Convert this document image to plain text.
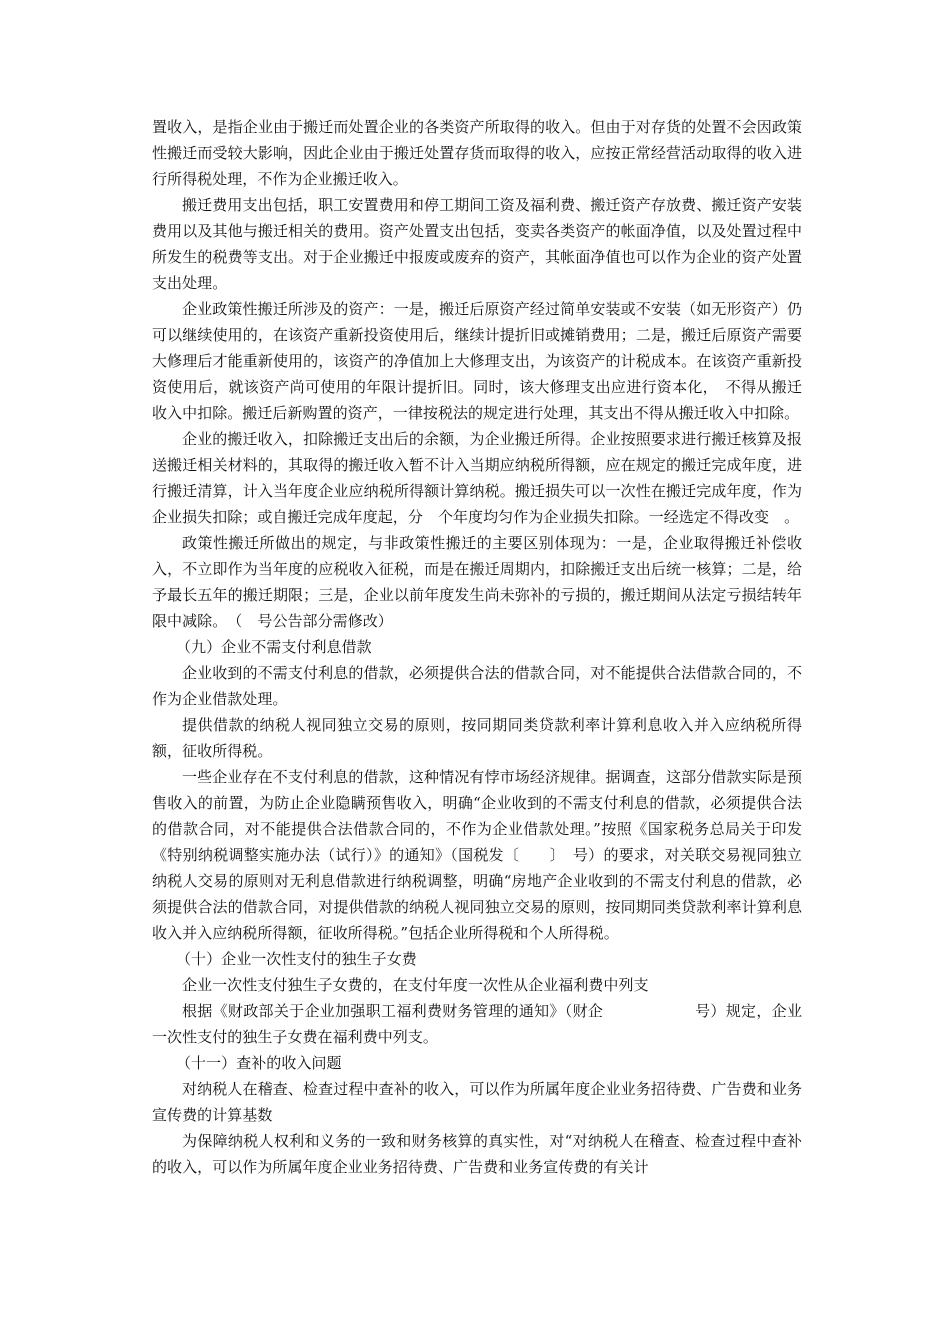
置收入，是指企业由于搬迁而处置企业的各类资产所取得的收入。但由于对存货的处置不会因政策性搬迁而受较大影响，因此企业由于搬迁处置存货而取得的收入，应按正常经营活动取得的收入进行所得税处理，不作为企业搬迁收入。

搬迁费用支出包括，职工安置费用和停工期间工资及福利费、搬迁资产存放费、搬迁资产安装费用以及其他与搬迁相关的费用。资产处置支出包括，变卖各类资产的帐面净值，以及处置过程中所发生的税费等支出。对于企业搬迁中报废或废弃的资产，其帐面净值也可以作为企业的资产处置支出处理。

企业政策性搬迁所涉及的资产：一是，搬迁后原资产经过简单安装或不安装（如无形资产）仍可以继续使用的，在该资产重新投资使用后，继续计提折旧或摊销费用；二是，搬迁后原资产需要大修理后才能重新使用的，该资产的净值加上大修理支出，为该资产的计税成本。在该资产重新投资使用后，就该资产尚可使用的年限计提折旧。同时，该大修理支出应进行资本化，　不得从搬迁收入中扣除。搬迁后新购置的资产，一律按税法的规定进行处理，其支出不得从搬迁收入中扣除。

企业的搬迁收入，扣除搬迁支出后的余额，为企业搬迁所得。企业按照要求进行搬迁核算及报送搬迁相关材料的，其取得的搬迁收入暂不计入当期应纳税所得额，应在规定的搬迁完成年度，进行搬迁清算，计入当年度企业应纳税所得额计算纳税。搬迁损失可以一次性在搬迁完成年度，作为企业损失扣除；或自搬迁完成年度起，分　个年度均匀作为企业损失扣除。一经选定不得改变　。

政策性搬迁所做出的规定，与非政策性搬迁的主要区别体现为：一是，企业取得搬迁补偿收入，不立即作为当年度的应税收入征税，而是在搬迁周期内，扣除搬迁支出后统一核算；二是，给予最长五年的搬迁期限；三是，企业以前年度发生尚未弥补的亏损的，搬迁期间从法定亏损结转年限中减除。　（　号公告部分需修改）

（九）企业不需支付利息借款

企业收到的不需支付利息的借款，必须提供合法的借款合同，对不能提供合法借款合同的，不作为企业借款处理。

提供借款的纳税人视同独立交易的原则，按同期同类贷款利率计算利息收入并入应纳税所得额，征收所得税。

一些企业存在不支付利息的借款，这种情况有悖市场经济规律。据调查，这部分借款实际是预售收入的前置，为防止企业隐瞒预售收入，明确“企业收到的不需支付利息的借款，必须提供合法的借款合同，对不能提供合法借款合同的，不作为企业借款处理。”按照《国家税务总局关于印发《特别纳税调整实施办法（试行）》的通知》（国税发〔　　〕　号）的要求，对关联交易视同独立纳税人交易的原则对无利息借款进行纳税调整，明确“房地产企业收到的不需支付利息的借款，必须提供合法的借款合同，对提供借款的纳税人视同独立交易的原则，按同期同类贷款利率计算利息收入并入应纳税所得额，征收所得税。”包括企业所得税和个人所得税。

（十）企业一次性支付的独生子女费

企业一次性支付独生子女费的，在支付年度一次性从企业福利费中列支

根据《财政部关于企业加强职工福利费财务管理的通知》（财企　　　　　　号）规定，企业一次性支付的独生子女费在福利费中列支。

（十一）查补的收入问题

对纳税人在稽查、检查过程中查补的收入，可以作为所属年度企业业务招待费、广告费和业务宣传费的计算基数

为保障纳税人权利和义务的一致和财务核算的真实性，对“对纳税人在稽查、检查过程中查补的收入，可以作为所属年度企业业务招待费、广告费和业务宣传费的有关计
